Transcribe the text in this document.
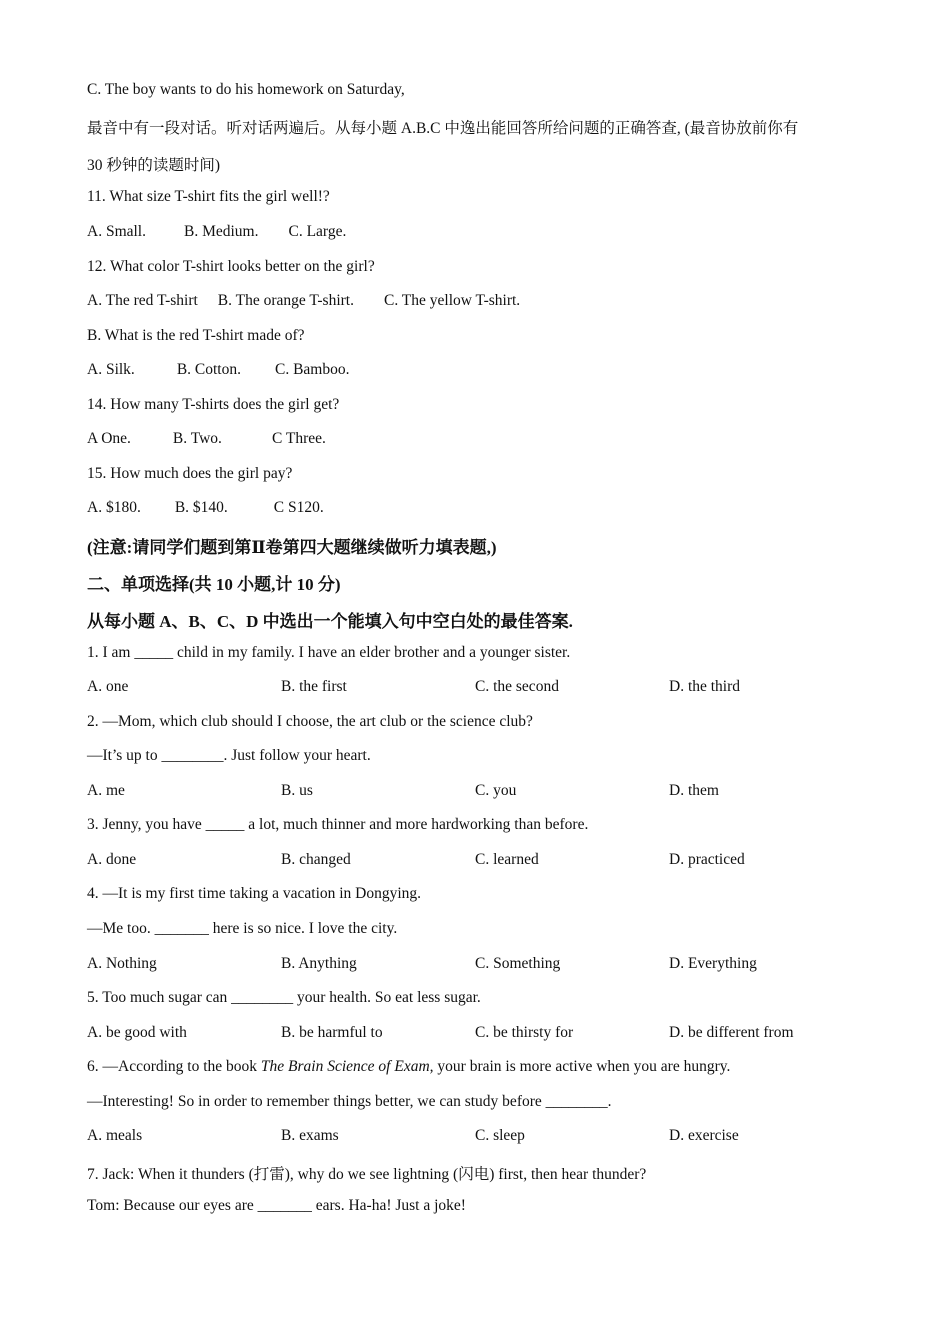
C. The boy wants to do his homework on Saturday,
最音中有一段对话。听对话两遍后。从每小题 A.B.C 中逸出能回答所给问题的正确答查, (最音协放前你有
30 秒钟的读题时间)
11. What size T-shirt fits the girl well!?
A. Small. B. Medium. C. Large.
12. What color T-shirt looks better on the girl?
A. The red T-shirt B. The orange T-shirt. C. The yellow T-shirt.
B. What is the red T-shirt made of?
A. Silk.	B. Cotton. C. Bamboo.
14. How many T-shirts does the girl get?
A One.	B. Two.	C Three.
15. How much does the girl pay?
A. $180. B. $140.	C S120.
(注意:请同学们题到第Ⅱ卷第四大题继续做听力填表题,)
二、单项选择(共 10 小题,计 10 分)
从每小题 A、B、C、D 中选出一个能填入句中空白处的最佳答案.
1. I am _____ child in my family. I have an elder brother and a younger sister.
A. one	B. the first	C. the second	D. the third
2. —Mom, which club should I choose, the art club or the science club?
—It’s up to ________. Just follow your heart.
A. me	B. us	C. you	D. them
3. Jenny, you have _____ a lot, much thinner and more hardworking than before.
A. done	B. changed	C. learned	D. practiced
4. —It is my first time taking a vacation in Dongying.
—Me too. _______ here is so nice. I love the city.
A. Nothing	B. Anything	C. Something	D. Everything
5. Too much sugar can ________ your health. So eat less sugar.
A. be good with	B. be harmful to	C. be thirsty for	D. be different from
6. —According to the book The Brain Science of Exam, your brain is more active when you are hungry.
—Interesting! So in order to remember things better, we can study before ________.
A. meals	B. exams	C. sleep	D. exercise
7. Jack: When it thunders (打雷), why do we see lightning (闪电) first, then hear thunder?
Tom: Because our eyes are _______ ears. Ha-ha! Just a joke!
